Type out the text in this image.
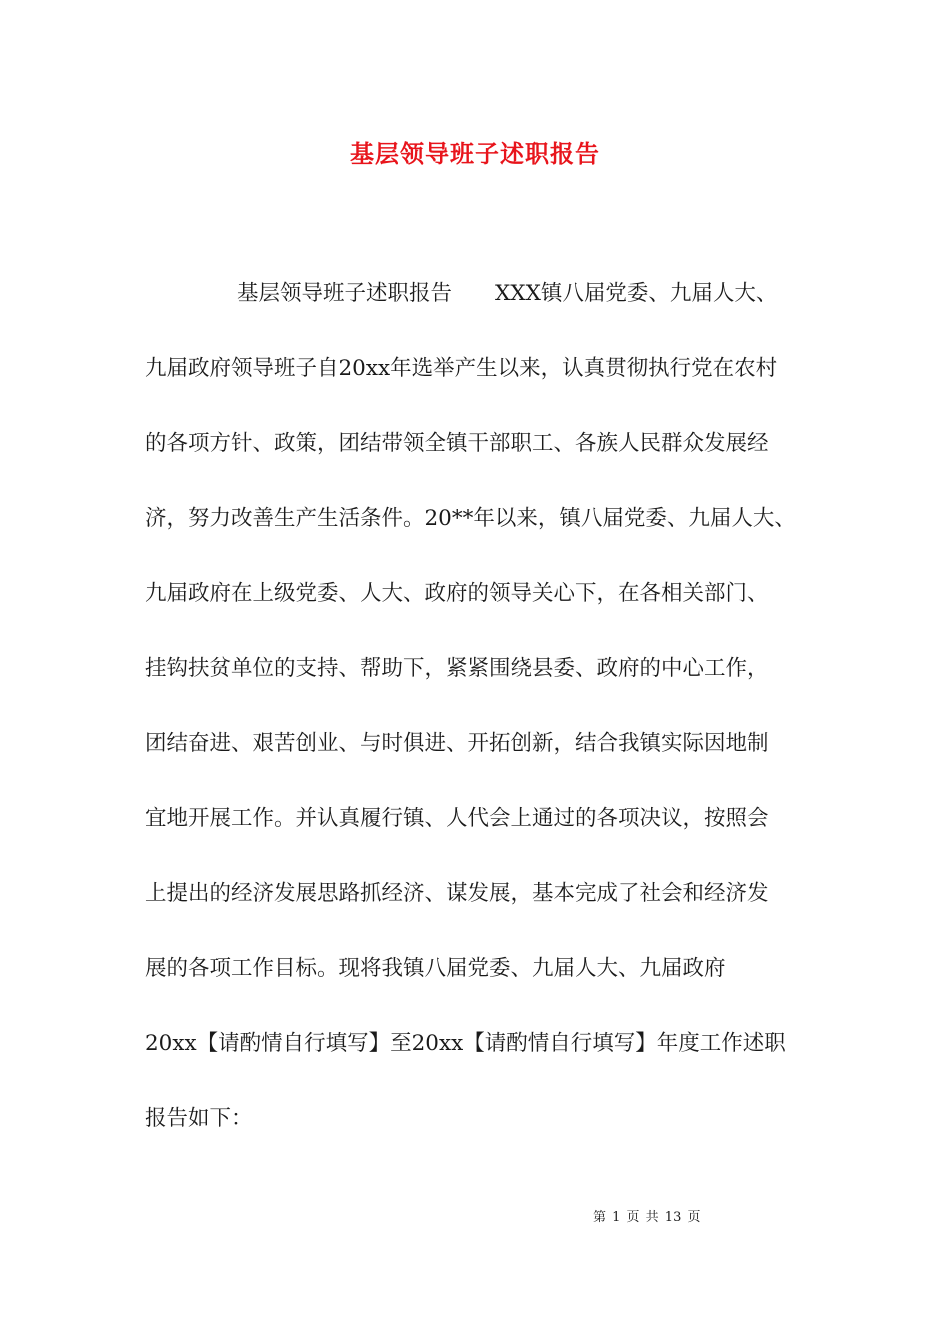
基层领导班子述职报告
基层领导班子述职报告　　XXX镇八届党委、九届人大、
九届政府领导班子自20xx年选举产生以来，认真贯彻执行党在农村
的各项方针、政策，团结带领全镇干部职工、各族人民群众发展经
济，努力改善生产生活条件。20**年以来，镇八届党委、九届人大、
九届政府在上级党委、人大、政府的领导关心下，在各相关部门、
挂钩扶贫单位的支持、帮助下，紧紧围绕县委、政府的中心工作，
团结奋进、艰苦创业、与时俱进、开拓创新，结合我镇实际因地制
宜地开展工作。并认真履行镇、人代会上通过的各项决议，按照会
上提出的经济发展思路抓经济、谋发展，基本完成了社会和经济发
展的各项工作目标。现将我镇八届党委、九届人大、九届政府
20xx【请酌情自行填写】至20xx【请酌情自行填写】年度工作述职
报告如下：
第 1 页 共 13 页
